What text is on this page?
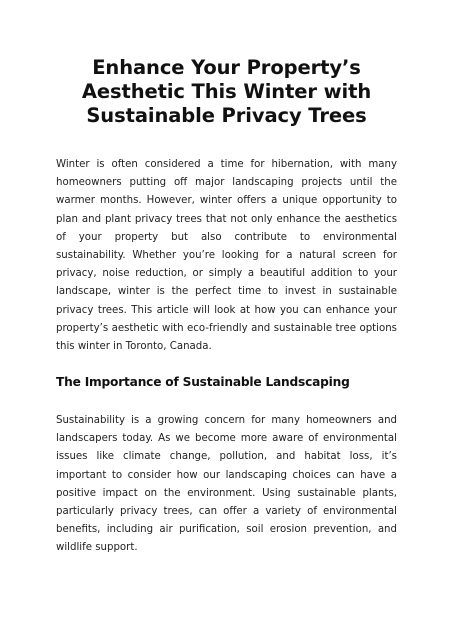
Enhance Your Property’s Aesthetic This Winter with Sustainable Privacy Trees

Winter is often considered a time for hibernation, with many homeowners putting off major landscaping projects until the warmer months. However, winter offers a unique opportunity to plan and plant privacy trees that not only enhance the aesthetics of your property but also contribute to environmental sustainability. Whether you’re looking for a natural screen for privacy, noise reduction, or simply a beautiful addition to your landscape, winter is the perfect time to invest in sustainable privacy trees. This article will look at how you can enhance your property’s aesthetic with eco-friendly and sustainable tree options this winter in Toronto, Canada.

The Importance of Sustainable Landscaping

Sustainability is a growing concern for many homeowners and landscapers today. As we become more aware of environmental issues like climate change, pollution, and habitat loss, it’s important to consider how our landscaping choices can have a positive impact on the environment. Using sustainable plants, particularly privacy trees, can offer a variety of environmental benefits, including air purification, soil erosion prevention, and wildlife support.
